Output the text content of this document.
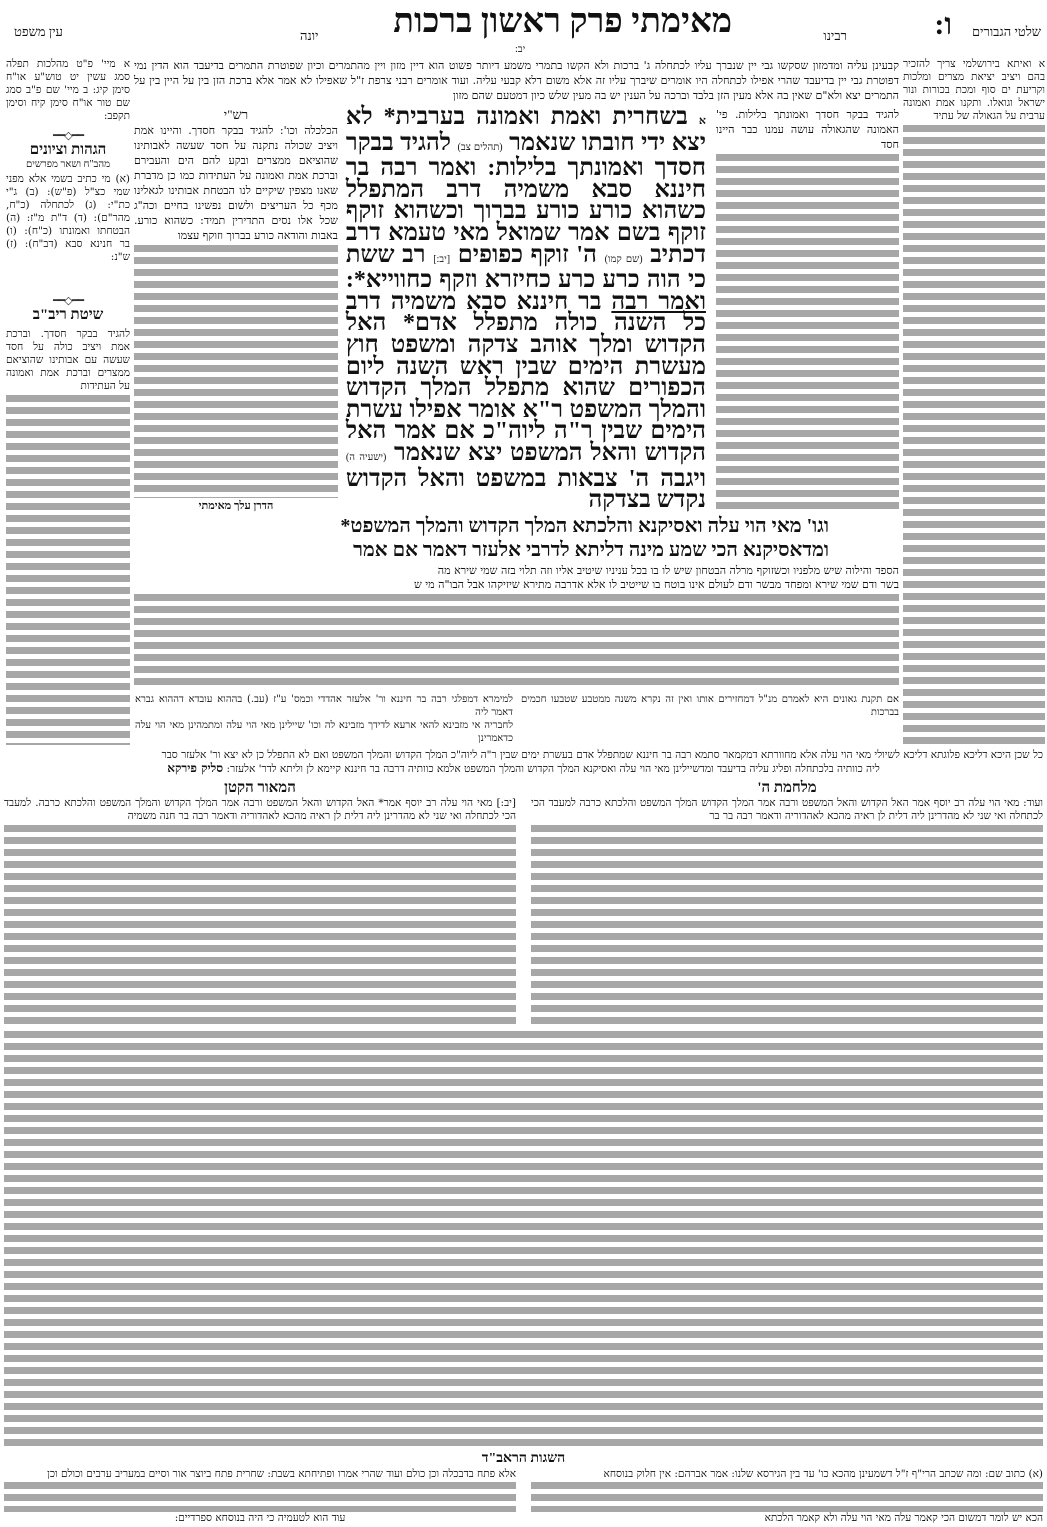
שלטי הגבורים
ו:
רבינו
מאימתי פרק ראשון ברכות
יונה
עין משפט
יב:
א ואיתא בירושלמי צריך להזכיר בהם ויציב יציאת מצרים ומלכות וקריעת ים סוף ומכת בכורות ונור ישראל וגואלו. ותקנו אמת ואמונה ערבית על הגאולה של עתיד
קבעינן עליה ומדמזון שסקשו גבי יין שנברך עליו לכתחלה ג' ברכות ולא הקשו בתמרי משמע דיותר פשוט הוא דיין מזון ויין מהתמרים וכיון שפוטרת התמרים בדיעבד הוא הדין נמי דפוטרת גבי יין בדיעבד שהרי אפילו לכתחלה היו אומרים שיברך עליו זה אלא משום דלא קבעי עליה. ועוד אומרים רבני צרפת ז"ל שאפילו לא אמר אלא ברכת הזן בין על היין בין על התמרים יצא ולא"ם שאין בה אלא מעין הזן בלבד וברכה על הענין יש בה מעין שלש כיון דמטעם שהם מזון
להגיד בבקר חסדך ואמונתך בלילות. פי' האמונה שהגאולה עושה עמנו כבר היינו חסד
א בשחרית ואמת ואמונה בערבית* לא יצא ידי חובתו שנאמר (תהלים צב) להגיד בבקר חסדך ואמונתך בלילות: ואמר רבה בר חיננא סבא משמיה דרב המתפלל כשהוא כורע כורע בברוך וכשהוא זוקף זוקף בשם אמר שמואל מאי טעמא דרב דכתיב (שם קמו) ה' זוקף כפופים [יב:] רב ששת כי הוה כרע כרע כחיזרא וזקף כחווייא*: ואמר רבה בר חיננא סבא משמיה דרב כל השנה כולה מתפלל אדם* האל הקדוש ומלך אוהב צדקה ומשפט חוץ מעשרת הימים שבין ראש השנה ליום הכפורים שהוא מתפלל המלך הקדוש והמלך המשפט ר"א אומר אפילו עשרת הימים שבין ר"ה ליוה"כ אם אמר האל הקדוש והאל המשפט יצא שנאמר (ישעיה ה) ויגבה ה' צבאות במשפט והאל הקדוש נקדש בצדקה
רש"י
הכלכלה וכו': להגיד בבקר חסדך. והיינו אמת ויציב שכולה נתקנה על חסד שעשה לאבותינו שהוציאם ממצרים ובקע להם הים והעבירם וברכת אמת ואמונה על העתידות כמו כן מדברת שאנו מצפין שיקיים לנו הבטחת אבותינו לגאלינו מכף כל העריצים ולשום נפשינו בחיים וכה"ג שכל אלו נסים התדירין תמיד: כשהוא כורע. באבות והודאה כורע בברוך וזוקף עצמו
הדרן עלך מאימתי
וגו' מאי הוי עלה ואסיקנא והלכתא המלך הקדוש והמלך המשפט*
ומדאסיקנא הכי שמע מינה דליתא לדרבי אלעזר דאמר אם אמר
הספד והילוה שיש מלפניו וכשזוקף מרלה הבטחון שיש לו בו בכל עניניו שיטיב אליו וזה תלוי בזה שמי שירא מה
בשר ודם שמי שירא ומפחד מבשר ודם לעולם אינו בוטח בו שייטיב לו אלא אדרבה מתירא שיזיקהו אבל הבו"ה מי ש
אם תקנת גאונים היא לאמרם מנ"ל דמחזירים אותו ואין זה נקרא משנה ממטבע שטבעו חכמים בברכות
למימרא דמפלגי רבה בר חיננא ור' אלעזר אהדדי וכמס' ע"ז (עב.) בההוא עובדא דההוא גברא דאמר ליה
לחבריה אי מזבינא להאי ארעא לדידך מזבינא לה וכו' שיילינן מאי הוי עלה ומתמהינן מאי הוי עלה כדאמרינן
א מיי' פ"ט מהלכות תפלה סמג עשין יט טוש"ע או"ח סימן קיג: ב מיי' שם פ"ב סמג שם טור או"ח סימן קיח וסימן תקפב:
━━◇━━
הגהות וציונים
מהב"ח ושאר מפרשים
(א) מי כתיב בשמי אלא מפני שמי כצ"ל (פ"ש): (ב) ג"י כת"י: (ג) לכתחלה (כ"ח, מהר"ם): (ד) ד"ת מ"ז: (ה) הבטחתו ואמונתו (כ"ח): (ו) בר חנינא סבא (דב"ח): (ז) ש"נ:
━━◇━━
שיטת ריב"ב
להגיד בבקר חסדך. וברכת אמת ויציב כולה על חסד שעשה עם אבותינו שהוציאם ממצרים וברכת אמת ואמונה על העתידות
כל שכן היכא דליכא פלוגתא דליכא לשיולי מאי הוי עלה אלא מחוורתא דמקמאר סתמא רבה בר חיננא שמתפלל אדם בעשרת ימים שבין ר"ה ליוה"כ המלך הקדוש והמלך המשפט ואם לא התפלל כן לא יצא ור' אלעזר סבר
ליה כוותיה בלכתחלה ופליג עליה בדיעבד ומדשיילינן מאי הוי עלה ואסיקנא המלך הקדוש והמלך המשפט אלמא כוותיה דרבה בר חיננא קיימא לן וליתא לדר' אלעזר: סליק פירקא
מלחמת ה'
ועוד: מאי הוי עלה רב יוסף אמר האל הקדוש והאל המשפט ורבה אמר המלך הקדוש המלך המשפט והלכתא כרבה למעבד הכי לכתחלה ואי שני לא מהדרינן ליה דלית לן ראיה מהכא לאהדוריה ודאמר רבה בר בר
המאור הקטן
[יב:] מאי הוי עלה רב יוסף אמר* האל הקדוש והאל המשפט ורבה אמר המלך הקדוש והמלך המשפט והלכתא כרבה. למעבד הכי לכתחלה ואי שני לא מהדרינן ליה דלית לן ראיה מהכא לאהדוריה ודאמר רבה בר חנה משמיה
השגות הראב"ד
(א) כתוב שם: ומה שכתב הרי"ף ז"ל דשמעינן מהכא כו' עד בין הגירסא שלנו: אמר אברהם: אין חלוק בנוסחא
הכא יש לומר דמשום הכי קאמר עלה מאי הוי עלה ולא קאמר הלכתא
אלא פתח בדבכלה וכן כולם ועוד שהרי אמרו ופתיחתא בשבת: שחרית פתח ביוצר אור וסיים במעריב ערבים וכולם וכן
עוד הוא לטעמיה כי היה בנוסחא ספרדיים:
